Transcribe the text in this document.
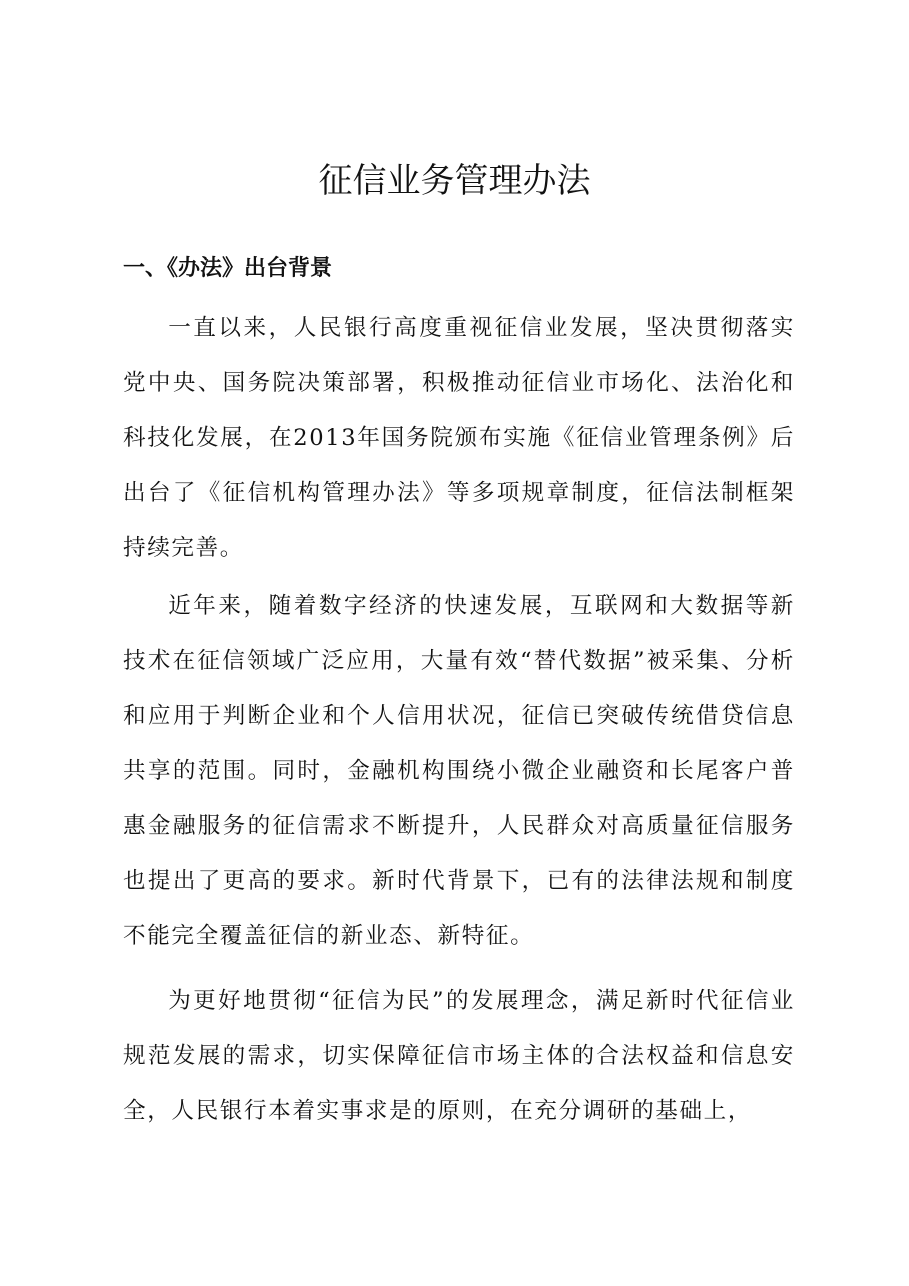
征信业务管理办法
一、《办法》出台背景

一直以来，人民银行高度重视征信业发展，坚决贯彻落实党中央、国务院决策部署，积极推动征信业市场化、法治化和科技化发展，在2013年国务院颁布实施《征信业管理条例》后出台了《征信机构管理办法》等多项规章制度，征信法制框架持续完善。

近年来，随着数字经济的快速发展，互联网和大数据等新技术在征信领域广泛应用，大量有效“替代数据”被采集、分析和应用于判断企业和个人信用状况，征信已突破传统借贷信息共享的范围。同时，金融机构围绕小微企业融资和长尾客户普惠金融服务的征信需求不断提升，人民群众对高质量征信服务也提出了更高的要求。新时代背景下，已有的法律法规和制度不能完全覆盖征信的新业态、新特征。

为更好地贯彻“征信为民”的发展理念，满足新时代征信业规范发展的需求，切实保障征信市场主体的合法权益和信息安全，人民银行本着实事求是的原则，在充分调研的基础上，
